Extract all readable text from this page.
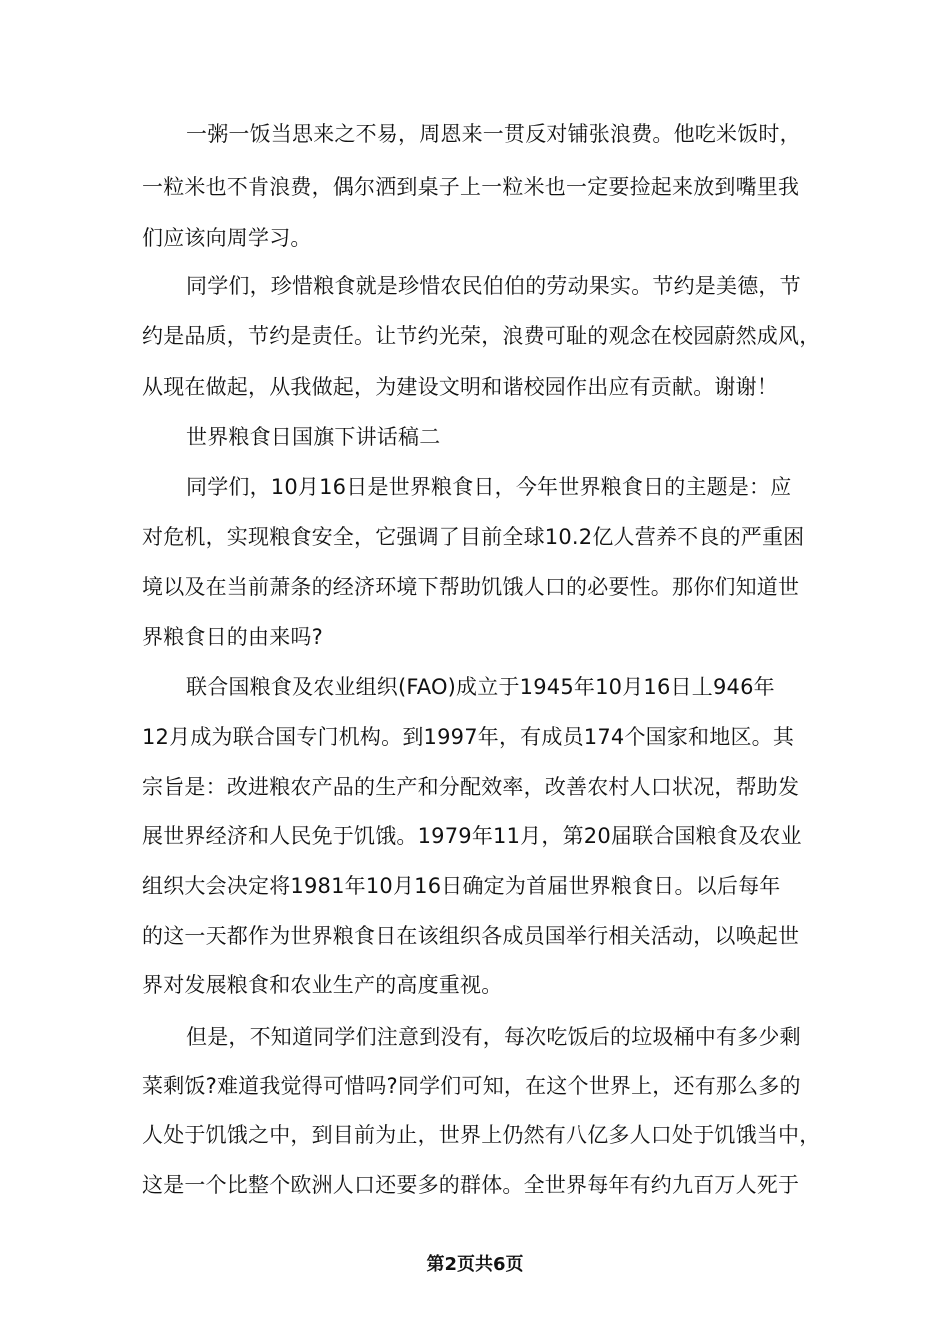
一粥一饭当思来之不易，周恩来一贯反对铺张浪费。他吃米饭时，
一粒米也不肯浪费，偶尔洒到桌子上一粒米也一定要捡起来放到嘴里我
们应该向周学习。
同学们，珍惜粮食就是珍惜农民伯伯的劳动果实。节约是美德，节
约是品质，节约是责任。让节约光荣，浪费可耻的观念在校园蔚然成风，
从现在做起，从我做起，为建设文明和谐校园作出应有贡献。谢谢！
世界粮食日国旗下讲话稿二
同学们，10月16日是世界粮食日，今年世界粮食日的主题是：应
对危机，实现粮食安全，它强调了目前全球10.2亿人营养不良的严重困
境以及在当前萧条的经济环境下帮助饥饿人口的必要性。那你们知道世
界粮食日的由来吗?
联合国粮食及农业组织(FAO)成立于1945年10月16日丄946年
12月成为联合国专门机构。到1997年，有成员174个国家和地区。其
宗旨是：改进粮农产品的生产和分配效率，改善农村人口状况，帮助发
展世界经济和人民免于饥饿。1979年11月，第20届联合国粮食及农业
组织大会决定将1981年10月16日确定为首届世界粮食日。以后每年
的这一天都作为世界粮食日在该组织各成员国举行相关活动，以唤起世
界对发展粮食和农业生产的高度重视。
但是，不知道同学们注意到没有，每次吃饭后的垃圾桶中有多少剩
菜剩饭?难道我觉得可惜吗?同学们可知，在这个世界上，还有那么多的
人处于饥饿之中，到目前为止，世界上仍然有八亿多人口处于饥饿当中，
这是一个比整个欧洲人口还要多的群体。全世界每年有约九百万人死于
第2页共6页
